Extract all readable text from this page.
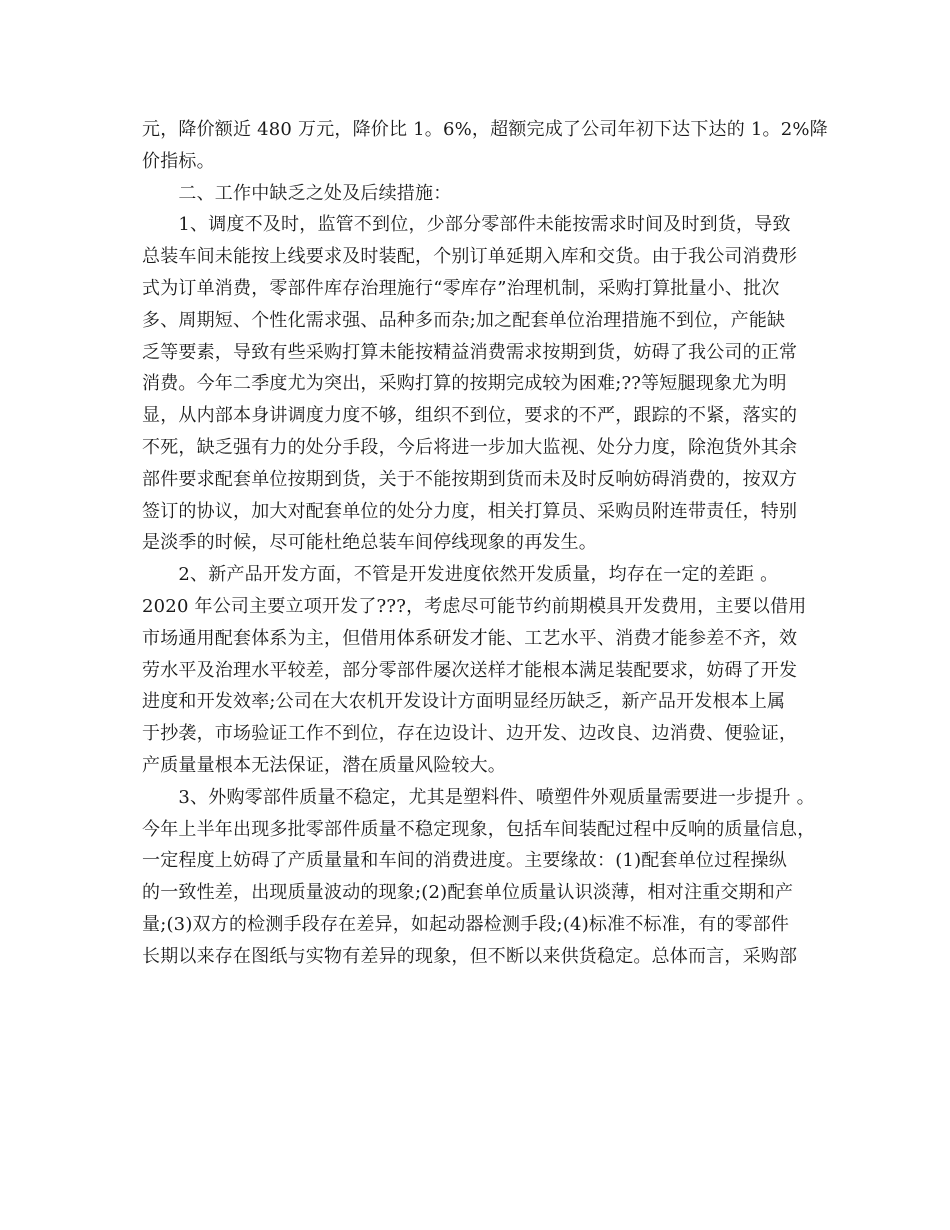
元，降价额近 480 万元，降价比 1。6%，超额完成了公司年初下达下达的 1。2%降
价指标。
　　二、工作中缺乏之处及后续措施：
　　1、调度不及时，监管不到位，少部分零部件未能按需求时间及时到货，导致
总装车间未能按上线要求及时装配，个别订单延期入库和交货。由于我公司消费形
式为订单消费，零部件库存治理施行“零库存”治理机制，采购打算批量小、批次
多、周期短、个性化需求强、品种多而杂;加之配套单位治理措施不到位，产能缺
乏等要素，导致有些采购打算未能按精益消费需求按期到货，妨碍了我公司的正常
消费。今年二季度尤为突出，采购打算的按期完成较为困难;??等短腿现象尤为明
显，从内部本身讲调度力度不够，组织不到位，要求的不严，跟踪的不紧，落实的
不死，缺乏强有力的处分手段，今后将进一步加大监视、处分力度，除泡货外其余
部件要求配套单位按期到货，关于不能按期到货而未及时反响妨碍消费的，按双方
签订的协议，加大对配套单位的处分力度，相关打算员、采购员附连带责任，特别
是淡季的时候，尽可能杜绝总装车间停线现象的再发生。
　　2、新产品开发方面，不管是开发进度依然开发质量，均存在一定的差距 。
2020 年公司主要立项开发了???，考虑尽可能节约前期模具开发费用，主要以借用
市场通用配套体系为主，但借用体系研发才能、工艺水平、消费才能参差不齐，效
劳水平及治理水平较差，部分零部件屡次送样才能根本满足装配要求，妨碍了开发
进度和开发效率;公司在大农机开发设计方面明显经历缺乏，新产品开发根本上属
于抄袭，市场验证工作不到位，存在边设计、边开发、边改良、边消费、便验证，
产质量量根本无法保证，潜在质量风险较大。
　　3、外购零部件质量不稳定，尤其是塑料件、喷塑件外观质量需要进一步提升 。
今年上半年出现多批零部件质量不稳定现象，包括车间装配过程中反响的质量信息，
一定程度上妨碍了产质量量和车间的消费进度。主要缘故：(1)配套单位过程操纵
的一致性差，出现质量波动的现象;(2)配套单位质量认识淡薄，相对注重交期和产
量;(3)双方的检测手段存在差异，如起动器检测手段;(4)标准不标准，有的零部件
长期以来存在图纸与实物有差异的现象，但不断以来供货稳定。总体而言，采购部
